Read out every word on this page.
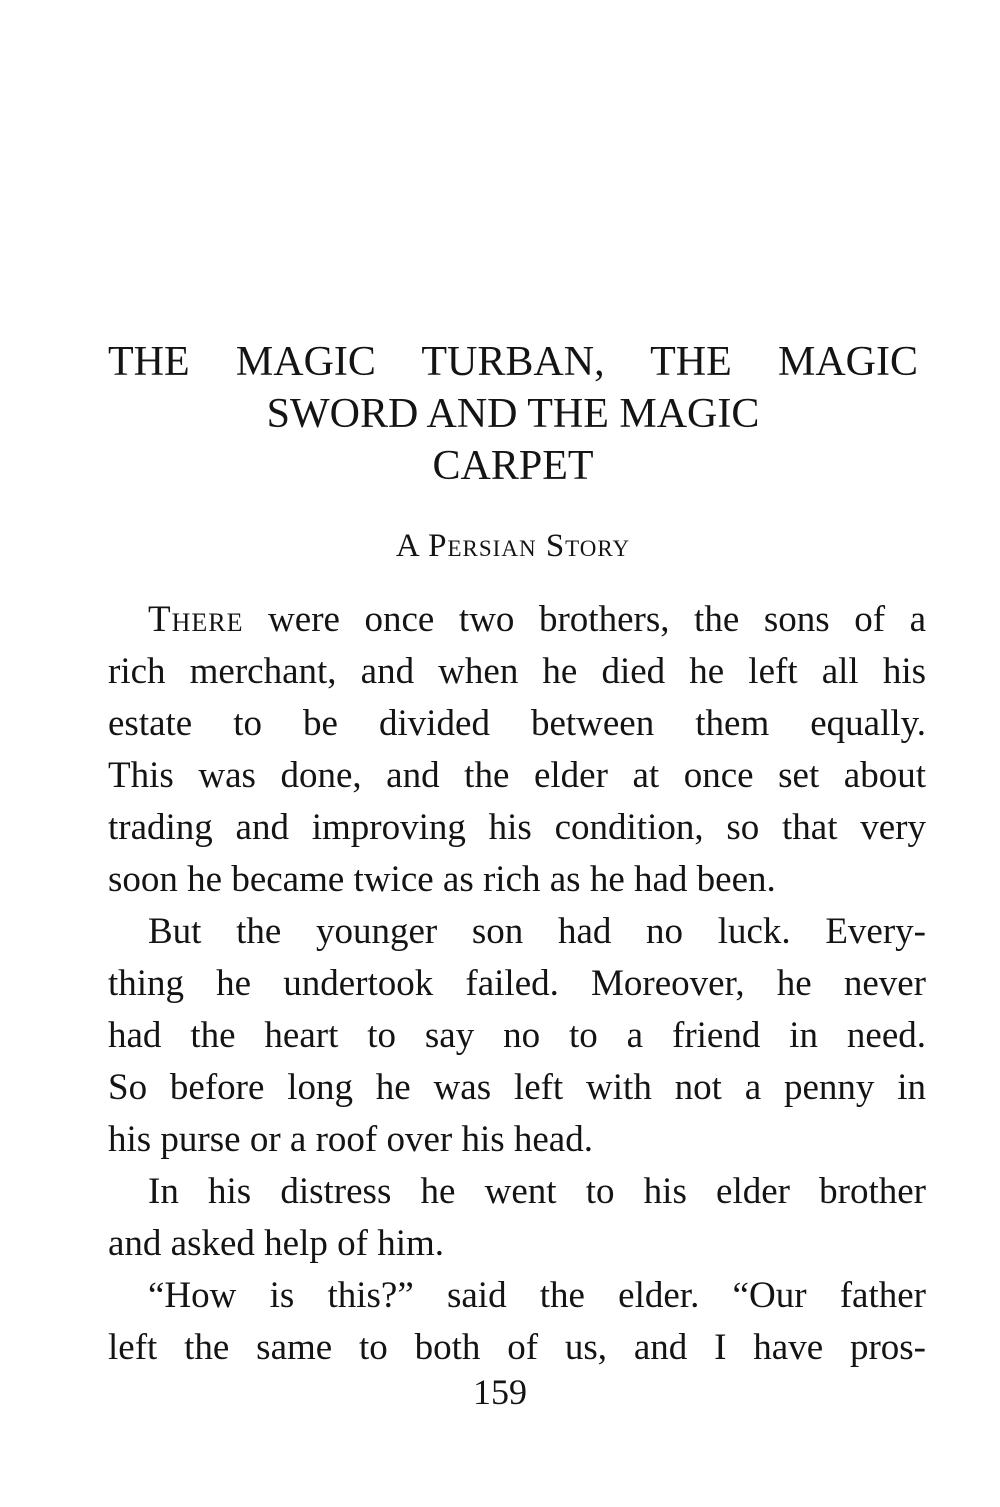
THE MAGIC TURBAN, THE MAGIC
SWORD AND THE MAGIC
CARPET
A Persian Story
There were once two brothers, the sons of a
rich merchant, and when he died he left all his
estate to be divided between them equally.
This was done, and the elder at once set about
trading and improving his condition, so that very
soon he became twice as rich as he had been.
But the younger son had no luck. Every-
thing he undertook failed. Moreover, he never
had the heart to say no to a friend in need.
So before long he was left with not a penny in
his purse or a roof over his head.
In his distress he went to his elder brother
and asked help of him.
“How is this?” said the elder. “Our father
left the same to both of us, and I have pros-
159
